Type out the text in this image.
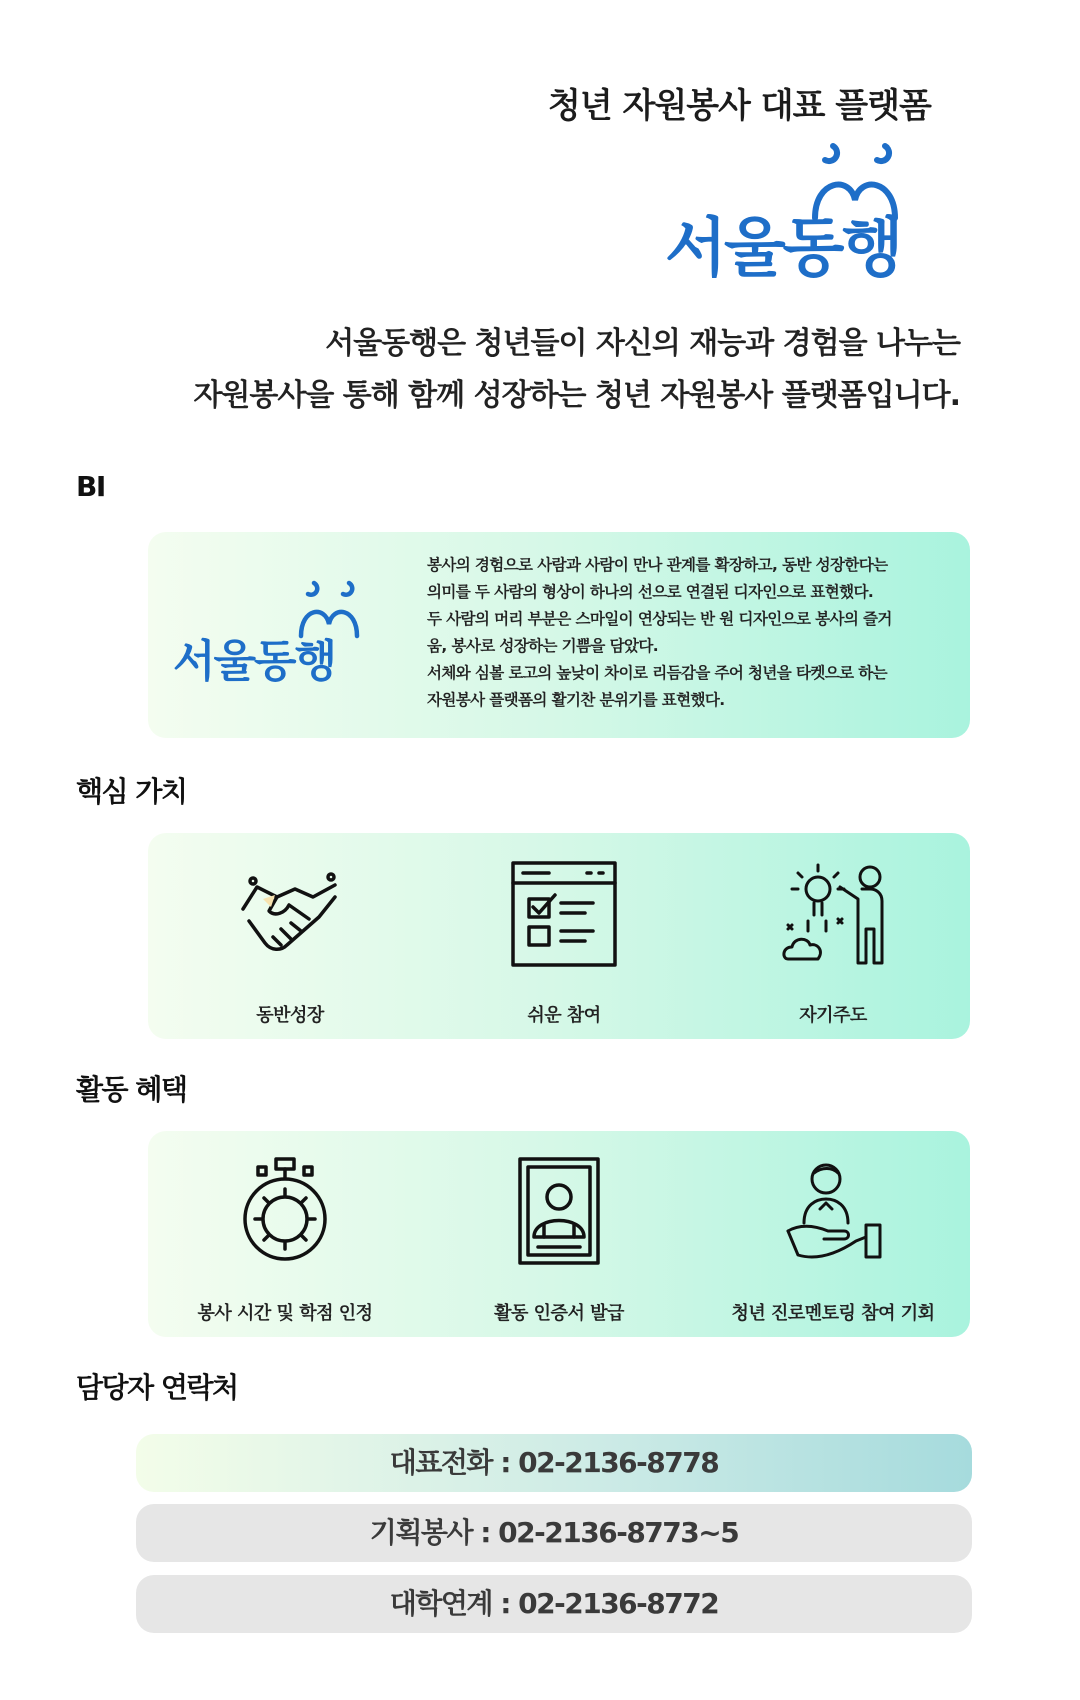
청년 자원봉사 대표 플랫폼
서울동행
서울동행은 청년들이 자신의 재능과 경험을 나누는
자원봉사을 통해 함께 성장하는 청년 자원봉사 플랫폼입니다.
BI
서울동행
봉사의 경험으로 사람과 사람이 만나 관계를 확장하고, 동반 성장한다는
의미를 두 사람의 형상이 하나의 선으로 연결된 디자인으로 표현했다.
두 사람의 머리 부분은 스마일이 연상되는 반 원 디자인으로 봉사의 즐거
움, 봉사로 성장하는 기쁨을 담았다.
서체와 심볼 로고의 높낮이 차이로 리듬감을 주어 청년을 타켓으로 하는
자원봉사 플랫폼의 활기찬 분위기를 표현했다.
핵심 가치
동반성장	쉬운 참여	자기주도
활동 혜택
봉사 시간 및 학점 인정	활동 인증서 발급	청년 진로멘토링 참여 기회
담당자 연락처
대표전화 : 02-2136-8778
기획봉사 : 02-2136-8773~5
대학연계 : 02-2136-8772
